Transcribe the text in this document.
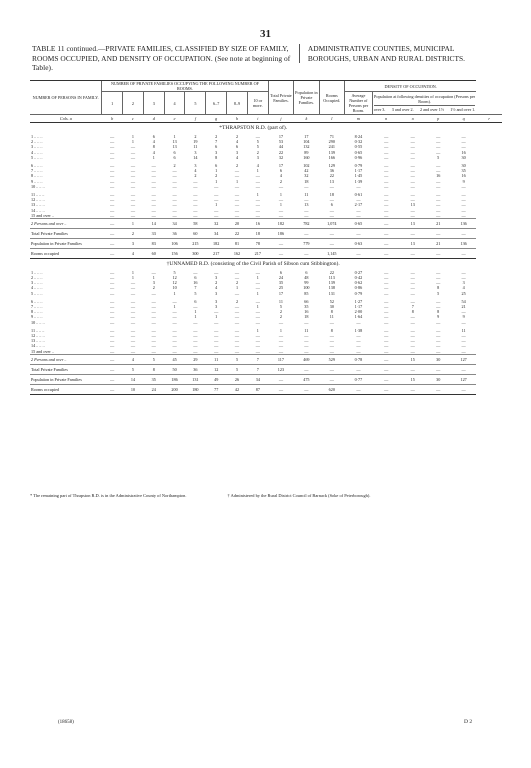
31
TABLE 11 continued.—PRIVATE FAMILIES, CLASSIFIED BY SIZE OF FAMILY, ROOMS OCCUPIED, AND DENSITY OF OCCUPATION. (See note at beginning of Table). ADMINISTRATIVE COUNTIES, MUNICIPAL BOROUGHS, URBAN AND RURAL DISTRICTS.
NUMBER OF PERSONS IN FAMILY.	NUMBER OF PRIVATE FAMILIES OCCUPYING THE FOLLOWING NUMBER OF ROOMS.								Total Private Families.	Population in Private Families.	Rooms Occupied.	DENSITY OF OCCUPATION.					
	1	2	3	4	5	6–7	8–9	10 or more.				Average Number of Persons per Room.	Population at following densities of occupation (Persons per Room).
over 3. 3 and over 2. 2 and over 1½ 1½ and over 1.				

Cols. a	b	c	d	e	f	g	h	i	j	k	l	m	n	o	p	q	r
*THRAPSTON R.D. (part of).																	
1 .. .. ..	—	1	6	1	2	2	2	—	17	17	71	8·24	—	—	—	—	
2 .. .. ..	—	1	4	13	19	7	4	5	53	104	290	0·32	—	—	—	—	
3 .. .. ..	—	—	8	13	11	6	6	5	44	132	241	0·55	—	—	—	—	
4 .. .. ..	—	—	4	6	3	3	3	2	22	89	139	0·65	—	—	—	16	
5 .. .. ..	—	—	1	6	14	8	4	3	32	160	166	0·96	—	—	5	30	

6 .. .. ..	—	—	—	2	3	6	2	4	17	102	129	0·79	—	—	—	30	
7 .. .. ..	—	—	—	—	4	1	—	1	6	42	36	1·17	—	—	—	35	
8 .. .. ..	—	—	—	—	2	2	—	—	4	32	22	1·45	—	—	16	16	
9 .. .. ..	—	—	—	—	—	1	1	—	2	18	13	1·39	—	—	—	9	
10 .. .. ..	—	—	—	—	—	—	—	—	—	—	—	—	—	—	—	—	

11 .. .. ..	—	—	—	—	—	—	—	1	1	11	18	0·61	—	—	—	—	
12 .. .. ..	—	—	—	—	—	—	—	—	—	—	—	—	—	—	—	—	
13 .. .. ..	—	—	—	—	—	1	—	—	1	13	6	2·17	—	13	—	—	
14 .. .. ..	—	—	—	—	—	—	—	—	—	—	—	—	—	—	—	—	
15 and over ..	—	—	—	—	—	—	—	—	—	—	—	—	—	—	—	—	
2 Persons and over ..	—	1	14	34	58	32	20	16	182	782	1,074	0·65	—	13	21	136	
Total Private Families	—	2	33	36	60	34	22	18	186	—	—	—	—	—	—	—	
Population in Private Families	—	3	83	106	215	182	81	78	—	779	—	0·63	—	13	21	136	
Rooms occupied	—	4	60	156	300	217	162	217	—	—	1,145	—	—	—	—	—	
†UNNAMED R.D. (consisting of the Civil Parish of Sibson cum Stibbington).																	
1 .. .. ..	—	1	—	5	—	—	—	—	6	6	22	0·27	—	—	—	—	
2 .. .. ..	—	1	1	12	6	3	—	1	24	48	113	0·42	—	—	—	—	
3 .. .. ..	—	—	3	12	16	2	2	—	35	99	139	0·62	—	—	—	3	
4 .. .. ..	—	—	2	10	7	4	1	—	25	100	138	0·86	—	—	8	4	
5 .. .. ..	—	—	—	1	5	3	—	1	17	85	131	0·79	—	—	5	25	

6 .. .. ..	—	—	—	—	6	3	2	—	11	66	52	1·27	—	—	—	54	
7 .. .. ..	—	—	—	1	—	3	—	1	5	35	30	1·17	—	7	—	21	
8 .. .. ..	—	—	—	—	1	—	—	—	2	16	8	2·00	—	8	8	—	
9 .. .. ..	—	—	—	—	1	1	—	—	2	18	11	1·64	—	—	9	9	
10 .. .. ..	—	—	—	—	—	—	—	—	—	—	—	—	—	—	—	—	

11 .. .. ..	—	—	—	—	—	—	—	1	1	11	8	1·38	—	—	—	11	
12 .. .. ..	—	—	—	—	—	—	—	—	—	—	—	—	—	—	—	—	
13 .. .. ..	—	—	—	—	—	—	—	—	—	—	—	—	—	—	—	—	
14 .. .. ..	—	—	—	—	—	—	—	—	—	—	—	—	—	—	—	—	
15 and over ..	—	—	—	—	—	—	—	—	—	—	—	—	—	—	—	—	
2 Persons and over ..	—	4	5	45	29	11	5	7	117	469	529	0·78	—	15	30	127	
Total Private Families	—	5	8	50	36	12	5	7	123	—	—	—	—	—	—	—	
Population in Private Families	—	14	35	186	131	49	26	34	—	475	—	0·77	—	15	30	127	
Rooms occupied	—	10	24	200	180	77	42	87	—	—	620	—	—	—	—	—	
* The remaining part of Thrapston R.D. is in the Administrative County of Northampton.	† Administered by the Rural District Council of Barnack (Soke of Peterborough).
(18658)	D 2
